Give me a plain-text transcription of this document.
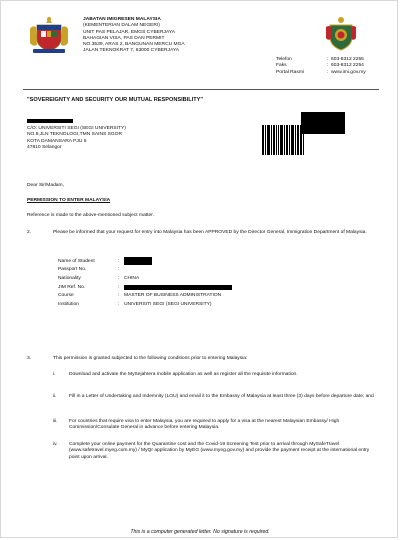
JABATAN IMIGRESEN MALAYSIA
(KEMENTERIAN DALAM NEGERI)
UNIT PAS PELAJAR, EMGS CYBERJAYA
BAHAGIAN VISA, PAS DAN PERMIT
NO.3539, ARAS 2, BANGUNAN MERCU MGA
JALAN TEKNOKRAT 7, 63000 CYBERJAYA
Telefon	: 603-8312 2255
Faks	: 603-8312 2254
Portal Rasmi	: www.imi.gov.my
"SOVEREIGNTY AND SECURITY OUR MUTUAL RESPONSIBILITY"
C/O: UNIVERSITI SEGI (SEGI UNIVERSITY)
NO.9,JLN TEKNOLOGI,TMN SAINS SGOR
KOTA DAMANSARA PJU 5
47810 Selangor
Dear Sir/Madam,
PERMISSION TO ENTER MALAYSIA
Reference is made to the above-mentioned subject matter.
2.	Please be informed that your request for entry into Malaysia has been APPROVED by the Director General, Immigration Department of Malaysia.
Name of Student	:
Passport No.	:
Nationality	: CHINA
JIM Ref. No.	:
Course	: MASTER OF BUSINESS ADMINISTRATION
Institution	: UNIVERSITI SEGI (SEGI UNIVERSITY)
3.	This permission is granted subjected to the following conditions prior to entering Malaysia:
i.	Download and activate the MySejahtera mobile application as well as register all the requisite information.
ii.	Fill in a Letter of Undertaking and Indemnity (LOU) and email it to the Embassy of Malaysia at least three (3) days before departure date; and
iii.	For countries that require visa to enter Malaysia, you are required to apply for a visa at the nearest Malaysian Embassy/ High Commission/Consulate General in advance before entering Malaysia.
iv.	Complete your online payment for the Quarantine cost and the Covid-19 Screening Test prior to arrival through MySafeTravel (www.safetravel.myeg.com.my) / MyQr application by MyEG (www.myeg.gov.my) and provide the payment receipt at the international entry point upon arrival.
This is a computer generated letter. No signature is required.
